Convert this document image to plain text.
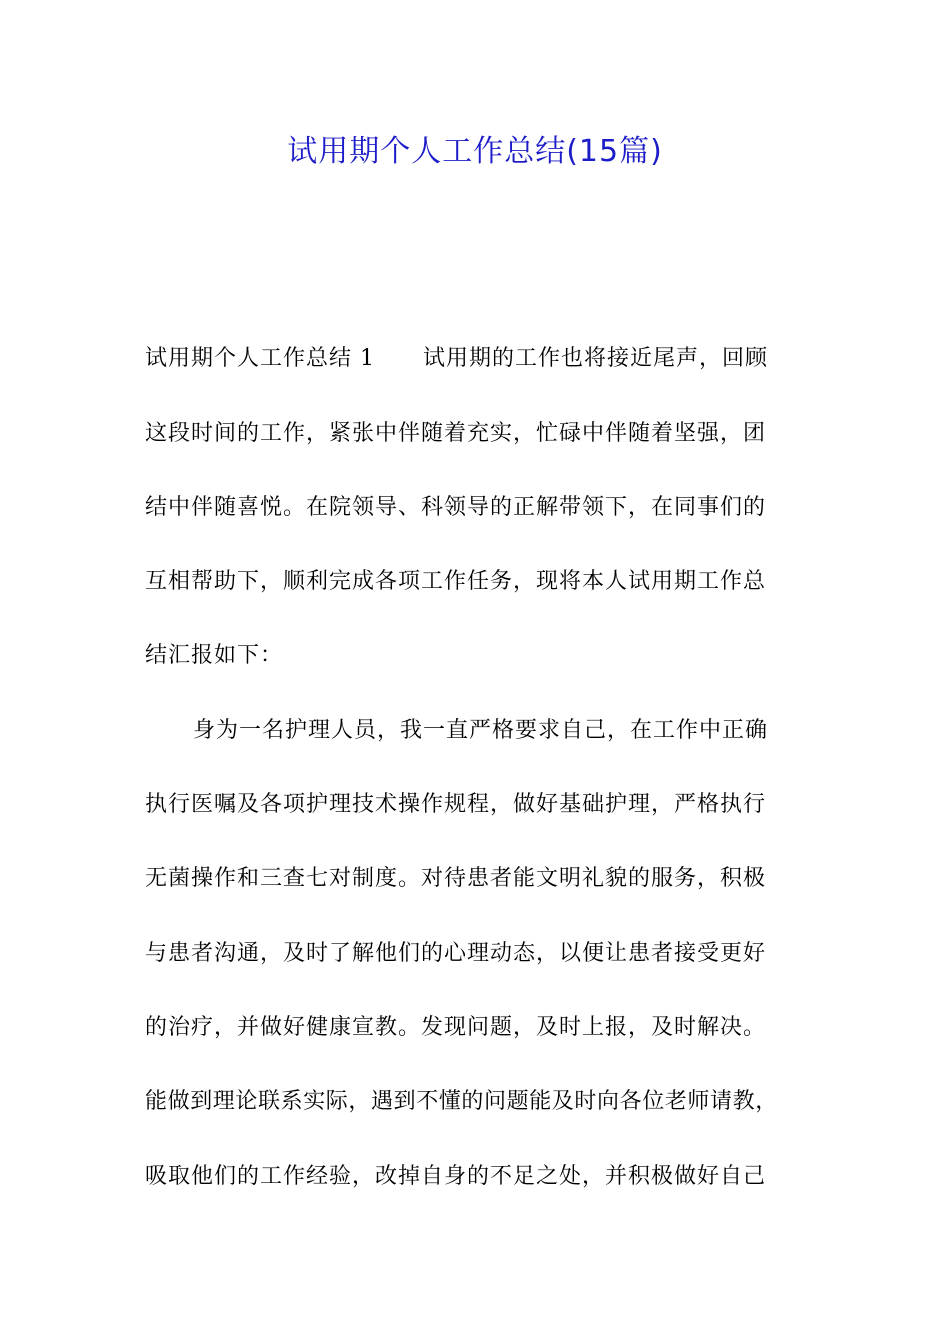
试用期个人工作总结(15篇)
试用期个人工作总结 1 试用期的工作也将接近尾声，回顾
这段时间的工作，紧张中伴随着充实，忙碌中伴随着坚强，团
结中伴随喜悦。在院领导、科领导的正解带领下，在同事们的
互相帮助下，顺利完成各项工作任务，现将本人试用期工作总
结汇报如下：
身为一名护理人员，我一直严格要求自己，在工作中正确
执行医嘱及各项护理技术操作规程，做好基础护理，严格执行
无菌操作和三查七对制度。对待患者能文明礼貌的服务，积极
与患者沟通，及时了解他们的心理动态，以便让患者接受更好
的治疗，并做好健康宣教。发现问题，及时上报，及时解决。
能做到理论联系实际，遇到不懂的问题能及时向各位老师请教，
吸取他们的工作经验，改掉自身的不足之处，并积极做好自己
